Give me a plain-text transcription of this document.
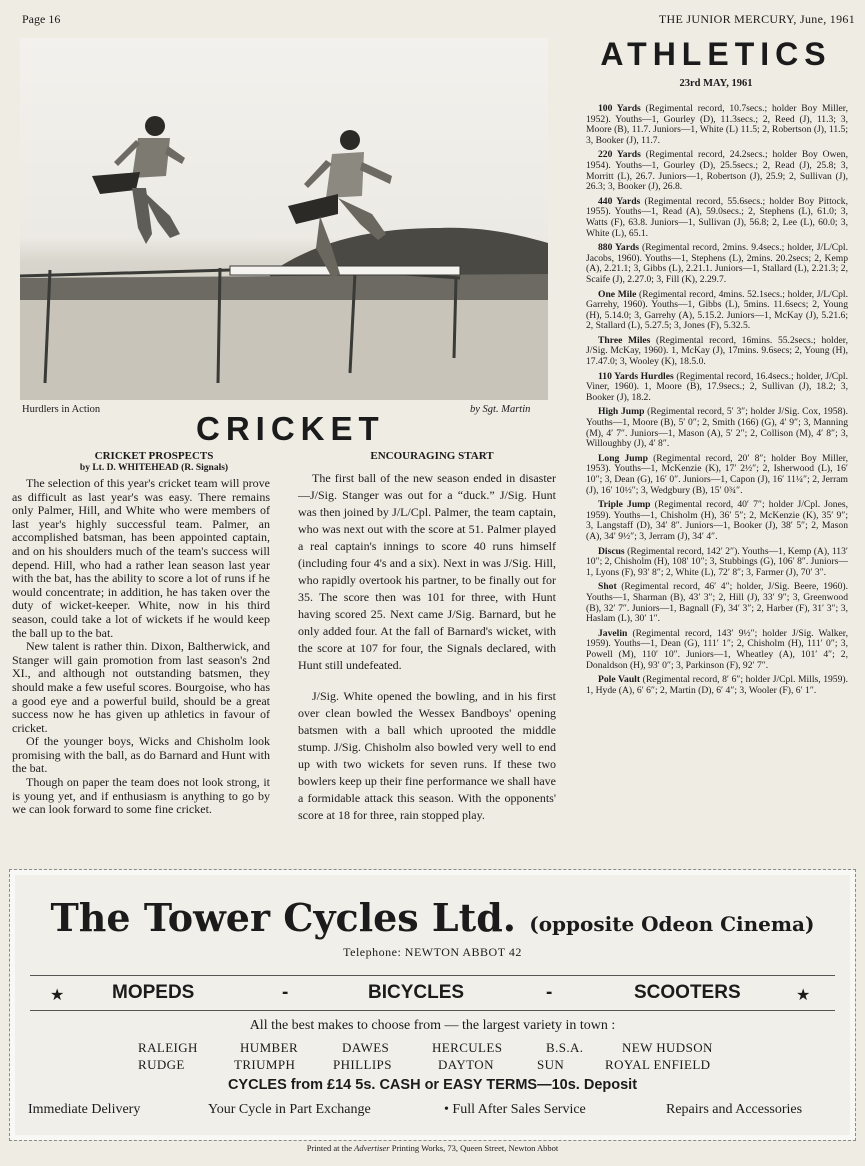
Page 16	THE JUNIOR MERCURY, June, 1961
Hurdlers in Action	by Sgt. Martin
ATHLETICS
23rd MAY, 1961

100 Yards (Regimental record, 10.7secs.; holder Boy Miller, 1952). Youths—1, Gourley (D), 11.3secs.; 2, Reed (J), 11.3; 3, Moore (B), 11.7. Juniors—1, White (L) 11.5; 2, Robertson (J), 11.5; 3, Booker (J), 11.7.

220 Yards (Regimental record, 24.2secs.; holder Boy Owen, 1954). Youths—1, Gourley (D), 25.5secs.; 2, Read (J), 25.8; 3, Morritt (L), 26.7. Juniors—1, Robertson (J), 25.9; 2, Sullivan (J), 26.3; 3, Booker (J), 26.8.

440 Yards (Regimental record, 55.6secs.; holder Boy Pittock, 1955). Youths—1, Read (A), 59.0secs.; 2, Stephens (L), 61.0; 3, Watts (F), 63.8. Juniors—1, Sullivan (J), 56.8; 2, Lee (L), 60.0; 3, White (L), 65.1.

880 Yards (Regimental record, 2mins. 9.4secs.; holder, J/L/Cpl. Jacobs, 1960). Youths—1, Stephens (L), 2mins. 20.2secs; 2, Kemp (A), 2.21.1; 3, Gibbs (L), 2.21.1. Juniors—1, Stallard (L), 2.21.3; 2, Scaife (J), 2.27.0; 3, Fill (K), 2.29.7.

One Mile (Regimental record, 4mins. 52.1secs.; holder, J/L/Cpl. Garrehy, 1960). Youths—1, Gibbs (L), 5mins. 11.6secs; 2, Young (H), 5.14.0; 3, Garrehy (A), 5.15.2. Juniors—1, McKay (J), 5.21.6; 2, Stallard (L), 5.27.5; 3, Jones (F), 5.32.5.

Three Miles (Regimental record, 16mins. 55.2secs.; holder, J/Sig. McKay, 1960). 1, McKay (J), 17mins. 9.6secs; 2, Young (H), 17.47.0; 3, Wooley (K), 18.5.0.

110 Yards Hurdles (Regimental record, 16.4secs.; holder, J/Cpl. Viner, 1960). 1, Moore (B), 17.9secs.; 2, Sullivan (J), 18.2; 3, Booker (J), 18.2.

High Jump (Regimental record, 5′ 3″; holder J/Sig. Cox, 1958). Youths—1, Moore (B), 5′ 0″; 2, Smith (166) (G), 4′ 9″; 3, Manning (M), 4′ 7″. Juniors—1, Mason (A), 5′ 2″; 2, Collison (M), 4′ 8″; 3, Willoughby (J), 4′ 8″.

Long Jump (Regimental record, 20′ 8″; holder Boy Miller, 1953). Youths—1, McKenzie (K), 17′ 2½″; 2, Isherwood (L), 16′ 10″; 3, Dean (G), 16′ 0″. Juniors—1, Capon (J), 16′ 11¼″; 2, Jerram (J), 16′ 10½″; 3, Wedgbury (B), 15′ 0¾″.

Triple Jump (Regimental record, 40′ 7″; holder J/Cpl. Jones, 1959). Youths—1, Chisholm (H), 36′ 5″; 2, McKenzie (K), 35′ 9″; 3, Langstaff (D), 34′ 8″. Juniors—1, Booker (J), 38′ 5″; 2, Mason (A), 34′ 9½″; 3, Jerram (J), 34′ 4″.

Discus (Regimental record, 142′ 2″). Youths—1, Kemp (A), 113′ 10″; 2, Chisholm (H), 108′ 10″; 3, Stubbings (G), 106′ 8″. Juniors—1, Lyons (F), 93′ 8″; 2, White (L), 72′ 8″; 3, Farmer (J), 70′ 3″.

Shot (Regimental record, 46′ 4″; holder, J/Sig. Beere, 1960). Youths—1, Sharman (B), 43′ 3″; 2, Hill (J), 33′ 9″; 3, Greenwood (B), 32′ 7″. Juniors—1, Bagnall (F), 34′ 3″; 2, Harber (F), 31′ 3″; 3, Haslam (L), 30′ 1″.

Javelin (Regimental record, 143′ 9½″; holder J/Sig. Walker, 1959). Youths—1, Dean (G), 111′ 1″; 2, Chisholm (H), 111′ 0″; 3, Powell (M), 110′ 10″. Juniors—1, Wheatley (A), 101′ 4″; 2, Donaldson (H), 93′ 0″; 3, Parkinson (F), 92′ 7″.

Pole Vault (Regimental record, 8′ 6″; holder J/Cpl. Mills, 1959). 1, Hyde (A), 6′ 6″; 2, Martin (D), 6′ 4″; 3, Wooler (F), 6′ 1″.

CRICKET
CRICKET PROSPECTS
by Lt. D. WHITEHEAD (R. Signals)

The selection of this year's cricket team will prove as difficult as last year's was easy. There remains only Palmer, Hill, and White who were members of last year's highly successful team. Palmer, an accomplished batsman, has been appointed captain, and on his shoulders much of the team's success will depend. Hill, who had a rather lean season last year with the bat, has the ability to score a lot of runs if he would concentrate; in addition, he has taken over the duty of wicket-keeper. White, now in his third season, could take a lot of wickets if he would keep the ball up to the bat.

New talent is rather thin. Dixon, Baltherwick, and Stanger will gain promotion from last season's 2nd XI., and although not outstanding batsmen, they should make a few useful scores. Bourgoise, who has a good eye and a powerful build, should be a great success now he has given up athletics in favour of cricket.

Of the younger boys, Wicks and Chisholm look promising with the ball, as do Barnard and Hunt with the bat.

Though on paper the team does not look strong, it is young yet, and if enthusiasm is anything to go by we can look forward to some fine cricket.

ENCOURAGING START

The first ball of the new season ended in disaster—J/Sig. Stanger was out for a “duck.” J/Sig. Hunt was then joined by J/L/Cpl. Palmer, the team captain, who was next out with the score at 51. Palmer played a real captain's innings to score 40 runs himself (including four 4's and a six). Next in was J/Sig. Hill, who rapidly overtook his partner, to be finally out for 35. The score then was 101 for three, with Hunt having scored 25. Next came J/Sig. Barnard, but he only added four. At the fall of Barnard's wicket, with the score at 107 for four, the Signals declared, with Hunt still undefeated.

J/Sig. White opened the bowling, and in his first over clean bowled the Wessex Bandboys' opening batsmen with a ball which uprooted the middle stump. J/Sig. Chisholm also bowled very well to end up with two wickets for seven runs. If these two bowlers keep up their fine performance we shall have a formidable attack this season. With the opponents' score at 18 for three, rain stopped play.

The Tower Cycles Ltd. (opposite Odeon Cinema)
Telephone: NEWTON ABBOT 42
★	MOPEDS	-	BICYCLES	-	SCOOTERS	★
All the best makes to choose from — the largest variety in town :
RALEIGH	HUMBER	DAWES	HERCULES	B.S.A.	NEW HUDSON
RUDGE	TRIUMPH	PHILLIPS	DAYTON	SUN	ROYAL ENFIELD
CYCLES from £14 5s. CASH or EASY TERMS—10s. Deposit
Immediate Delivery	Your Cycle in Part Exchange	• Full After Sales Service	Repairs and Accessories
Printed at the Advertiser Printing Works, 73, Queen Street, Newton Abbot
